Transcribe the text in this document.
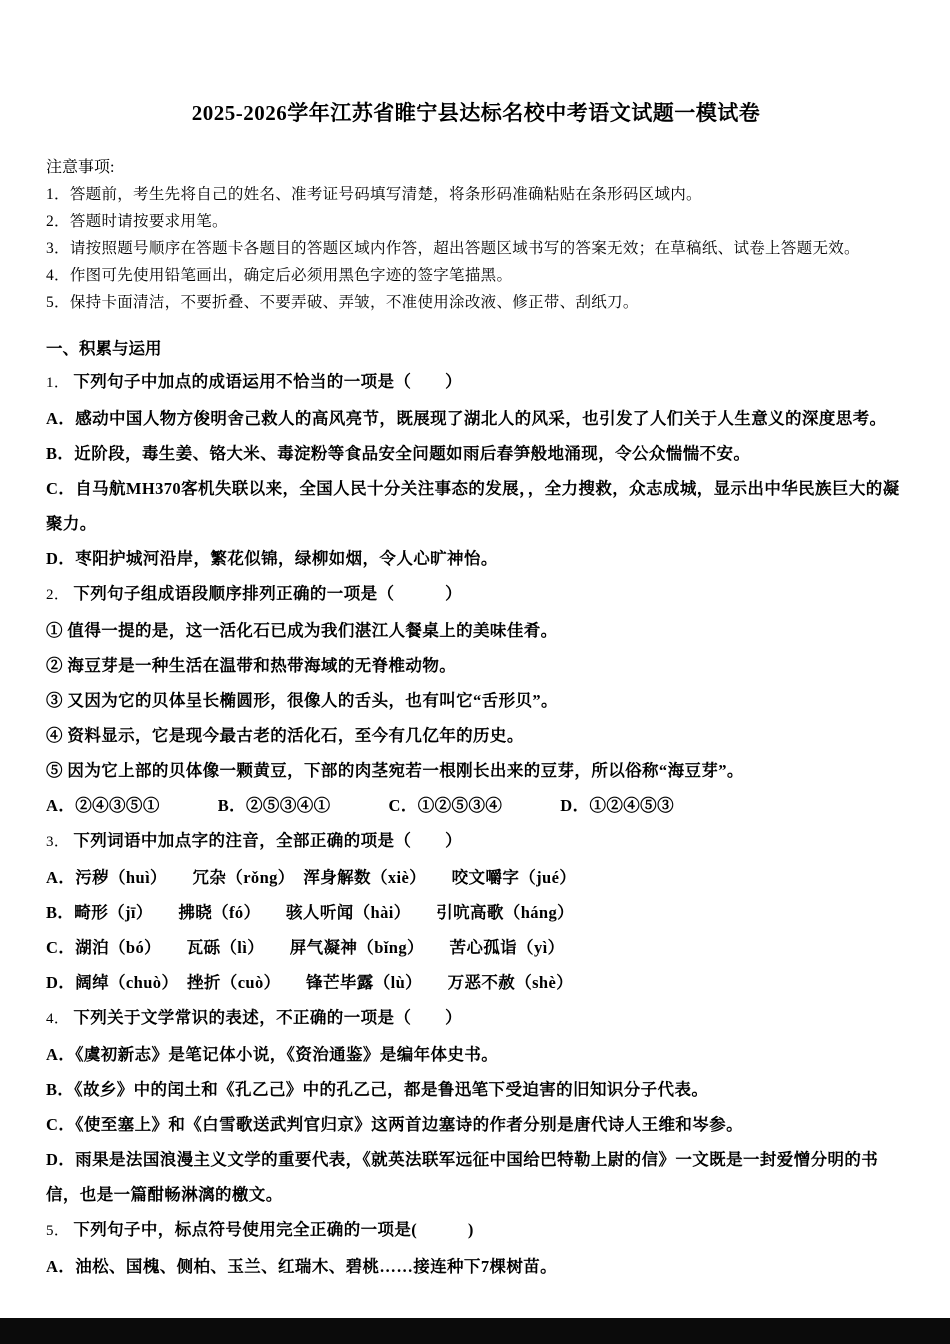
2025-2026学年江苏省睢宁县达标名校中考语文试题一模试卷
注意事项:
1．答题前，考生先将自己的姓名、准考证号码填写清楚，将条形码准确粘贴在条形码区域内。
2．答题时请按要求用笔。
3．请按照题号顺序在答题卡各题目的答题区域内作答，超出答题区域书写的答案无效；在草稿纸、试卷上答题无效。
4．作图可先使用铅笔画出，确定后必须用黑色字迹的签字笔描黑。
5．保持卡面清洁，不要折叠、不要弄破、弄皱，不准使用涂改液、修正带、刮纸刀。
一、积累与运用
1． 下列句子中加点的成语运用不恰当的一项是（　　）
A．感动中国人物方俊明舍己救人的高风亮节，既展现了湖北人的风采，也引发了人们关于人生意义的深度思考。
B．近阶段，毒生姜、铬大米、毒淀粉等食品安全问题如雨后春笋般地涌现，令公众惴惴不安。
C．自马航MH370客机失联以来，全国人民十分关注事态的发展，，全力搜救，众志成城，显示出中华民族巨大的凝聚力。
D．枣阳护城河沿岸，繁花似锦，绿柳如烟，令人心旷神怡。
2． 下列句子组成语段顺序排列正确的一项是（　　　）
① 值得一提的是，这一活化石已成为我们湛江人餐桌上的美味佳肴。
② 海豆芽是一种生活在温带和热带海域的无脊椎动物。
③ 又因为它的贝体呈长椭圆形，很像人的舌头，也有叫它“舌形贝”。
④ 资料显示，它是现今最古老的活化石，至今有几亿年的历史。
⑤ 因为它上部的贝体像一颗黄豆，下部的肉茎宛若一根刚长出来的豆芽，所以俗称“海豆芽”。
A．②④③⑤①	B．②⑤③④①	C．①②⑤③④	D．①②④⑤③
3． 下列词语中加点字的注音，全部正确的项是（　　）
A．污秽（huì）　　冗杂（rǒng）　浑身解数（xiè）　　咬文嚼字（jué）
B．畸形（jī）　　拂晓（fó）　　骇人听闻（hài）　　引吭高歌（háng）
C．湖泊（bó）　　瓦砾（lì）　　屏气凝神（bǐng）　　苦心孤诣（yì）
D．阔绰（chuò）　挫折（cuò）　　锋芒毕露（lù）　　万恶不赦（shè）
4． 下列关于文学常识的表述，不正确的一项是（　　）
A．《虞初新志》是笔记体小说，《资治通鉴》是编年体史书。
B．《故乡》中的闰土和《孔乙己》中的孔乙己，都是鲁迅笔下受迫害的旧知识分子代表。
C．《使至塞上》和《白雪歌送武判官归京》这两首边塞诗的作者分别是唐代诗人王维和岑参。
D．雨果是法国浪漫主义文学的重要代表，《就英法联军远征中国给巴特勒上尉的信》一文既是一封爱憎分明的书信，也是一篇酣畅淋漓的檄文。
5． 下列句子中，标点符号使用完全正确的一项是(　　　)
A．油松、国槐、侧柏、玉兰、红瑞木、碧桃……接连种下7棵树苗。
